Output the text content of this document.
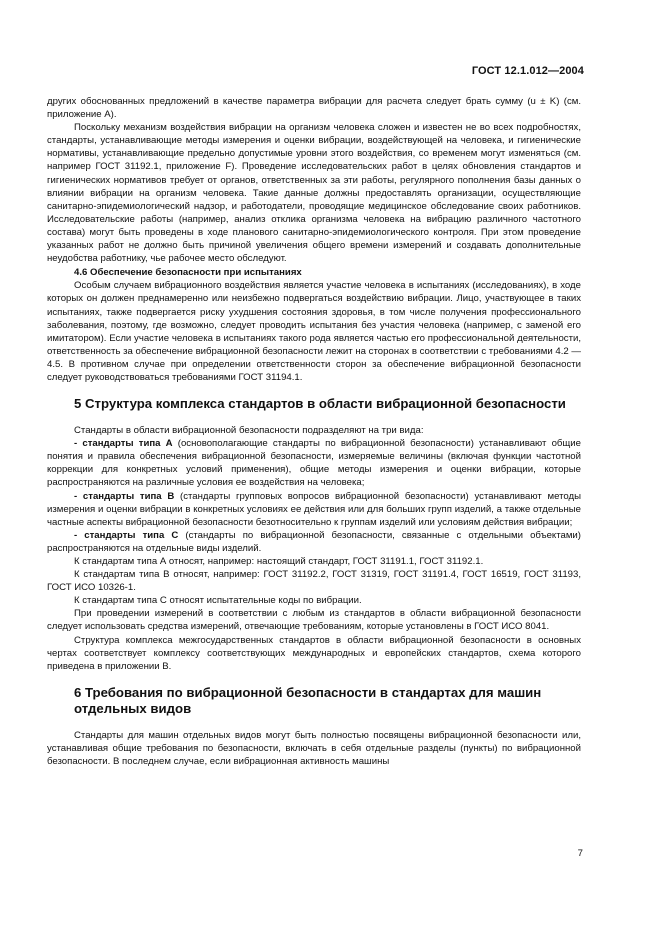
ГОСТ 12.1.012—2004

других обоснованных предложений в качестве параметра вибрации для расчета следует брать сумму (u ± K) (см. приложение А).

Поскольку механизм воздействия вибрации на организм человека сложен и известен не во всех подробностях, стандарты, устанавливающие методы измерения и оценки вибрации, воздействующей на человека, и гигиенические нормативы, устанавливающие предельно допустимые уровни этого воздействия, со временем могут изменяться (см. например ГОСТ 31192.1, приложение F). Проведение исследовательских работ в целях обновления стандартов и гигиенических нормативов требует от органов, ответственных за эти работы, регулярного пополнения базы данных о влиянии вибрации на организм человека. Такие данные должны предоставлять организации, осуществляющие санитарно-эпидемиологический надзор, и работодатели, проводящие медицинское обследование своих работников. Исследовательские работы (например, анализ отклика организма человека на вибрацию различного частотного состава) могут быть проведены в ходе планового санитарно-эпидемиологического контроля. При этом проведение указанных работ не должно быть причиной увеличения общего времени измерений и создавать дополнительные неудобства работнику, чье рабочее место обследуют.

4.6 Обеспечение безопасности при испытаниях

Особым случаем вибрационного воздействия является участие человека в испытаниях (исследованиях), в ходе которых он должен преднамеренно или неизбежно подвергаться воздействию вибрации. Лицо, участвующее в таких испытаниях, также подвергается риску ухудшения состояния здоровья, в том числе получения профессионального заболевания, поэтому, где возможно, следует проводить испытания без участия человека (например, с заменой его имитатором). Если участие человека в испытаниях такого рода является частью его профессиональной деятельности, ответственность за обеспечение вибрационной безопасности лежит на сторонах в соответствии с требованиями 4.2 — 4.5. В противном случае при определении ответственности сторон за обеспечение вибрационной безопасности следует руководствоваться требованиями ГОСТ 31194.1.

5 Структура комплекса стандартов в области вибрационной безопасности

Стандарты в области вибрационной безопасности подразделяют на три вида:

- стандарты типа А (основополагающие стандарты по вибрационной безопасности) устанавливают общие понятия и правила обеспечения вибрационной безопасности, измеряемые величины (включая функции частотной коррекции для конкретных условий применения), общие методы измерения и оценки вибрации, которые распространяются на различные условия ее воздействия на человека;

- стандарты типа В (стандарты групповых вопросов вибрационной безопасности) устанавливают методы измерения и оценки вибрации в конкретных условиях ее действия или для больших групп изделий, а также отдельные частные аспекты вибрационной безопасности безотносительно к группам изделий или условиям действия вибрации;

- стандарты типа С (стандарты по вибрационной безопасности, связанные с отдельными объектами) распространяются на отдельные виды изделий.

К стандартам типа А относят, например: настоящий стандарт, ГОСТ 31191.1, ГОСТ 31192.1.

К стандартам типа В относят, например: ГОСТ 31192.2, ГОСТ 31319, ГОСТ 31191.4, ГОСТ 16519, ГОСТ 31193, ГОСТ ИСО 10326-1.

К стандартам типа С относят испытательные коды по вибрации.

При проведении измерений в соответствии с любым из стандартов в области вибрационной безопасности следует использовать средства измерений, отвечающие требованиям, которые установлены в ГОСТ ИСО 8041.

Структура комплекса межгосударственных стандартов в области вибрационной безопасности в основных чертах соответствует комплексу соответствующих международных и европейских стандартов, схема которого приведена в приложении В.

6 Требования по вибрационной безопасности в стандартах для машин отдельных видов

Стандарты для машин отдельных видов могут быть полностью посвящены вибрационной безопасности или, устанавливая общие требования по безопасности, включать в себя отдельные разделы (пункты) по вибрационной безопасности. В последнем случае, если вибрационная активность машины

7
